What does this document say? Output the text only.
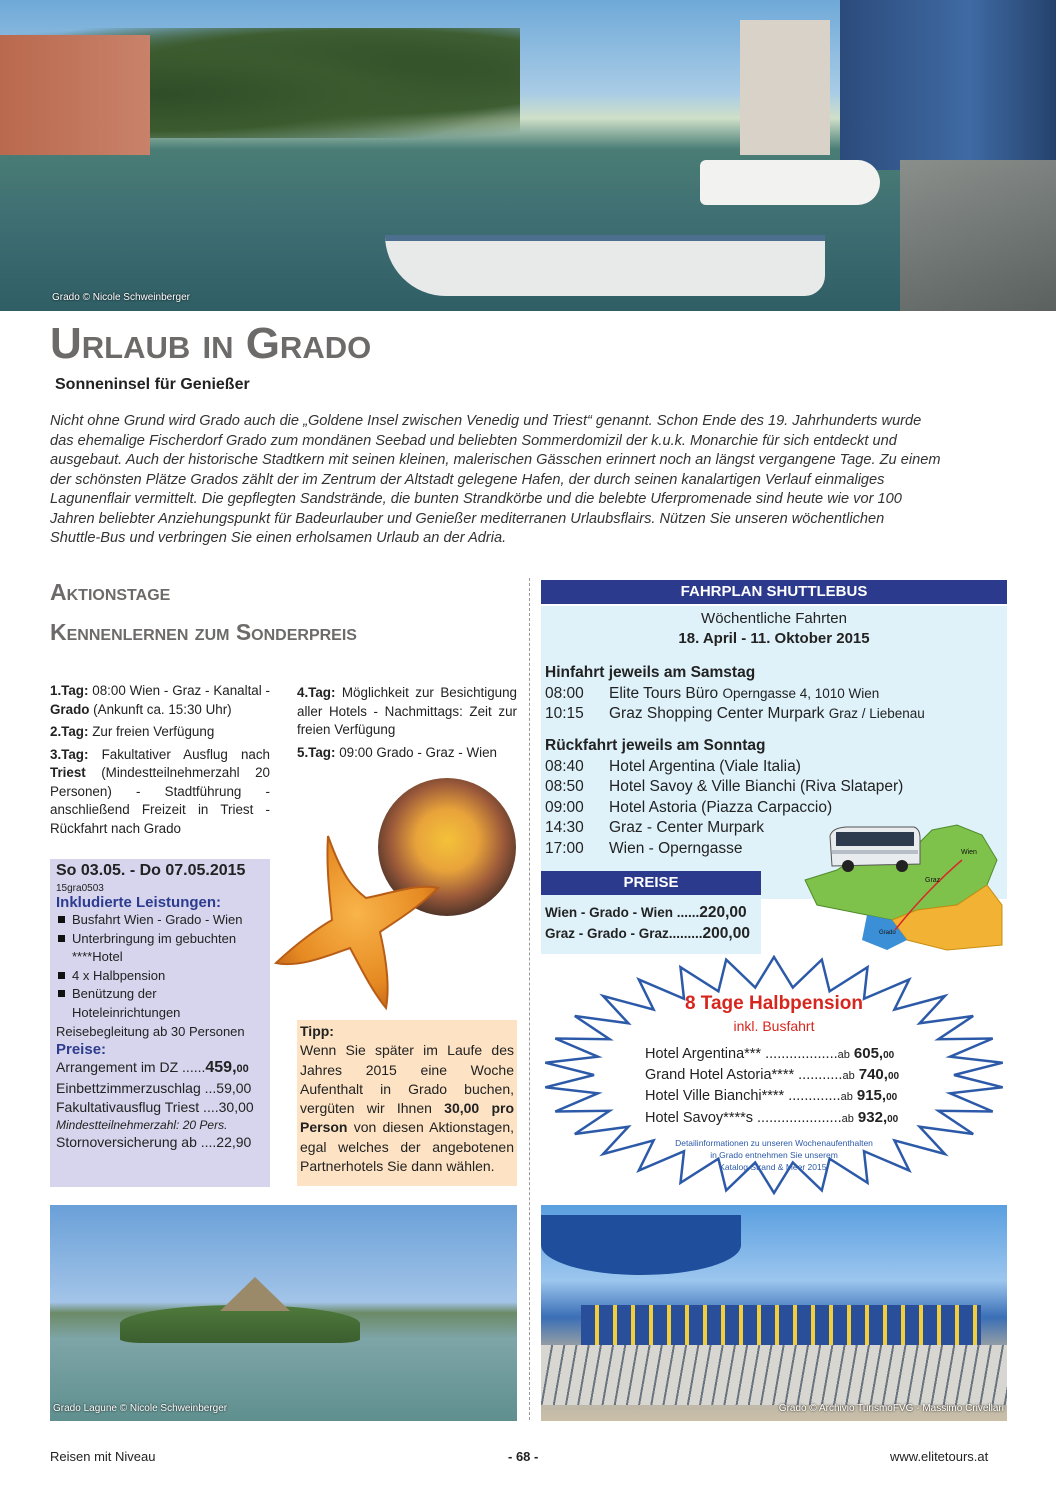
Grado © Nicole Schweinberger
Urlaub in Grado
Sonneninsel für Genießer
Nicht ohne Grund wird Grado auch die „Goldene Insel zwischen Venedig und Triest“ genannt. Schon Ende des 19. Jahrhunderts wurde
das ehemalige Fischerdorf Grado zum mondänen Seebad und beliebten Sommerdomizil der k.u.k. Monarchie für sich entdeckt und
ausgebaut. Auch der historische Stadtkern mit seinen kleinen, malerischen Gässchen erinnert noch an längst vergangene Tage. Zu einem
der schönsten Plätze Grados zählt der im Zentrum der Altstadt gelegene Hafen, der durch seinen kanalartigen Verlauf einmaliges
Lagunenflair vermittelt. Die gepflegten Sandstrände, die bunten Strandkörbe und die belebte Uferpromenade sind heute wie vor 100
Jahren beliebter Anziehungspunkt für Badeurlauber und Genießer mediterranen Urlaubsflairs. Nützen Sie unseren wöchentlichen
Shuttle-Bus und verbringen Sie einen erholsamen Urlaub an der Adria.
Aktionstage
Kennenlernen zum Sonderpreis
1.Tag: 08:00 Wien - Graz - Kanaltal - Grado (Ankunft ca. 15:30 Uhr)
2.Tag: Zur freien Verfügung
3.Tag: Fakultativer Ausflug nach Triest (Mindestteilnehmerzahl 20 Personen) - Stadtführung - anschließend Freizeit in Triest - Rückfahrt nach Grado
4.Tag: Möglichkeit zur Besichtigung aller Hotels - Nachmittags: Zeit zur freien Verfügung
5.Tag: 09:00 Grado - Graz - Wien
So 03.05. - Do 07.05.2015
15gra0503
Inkludierte Leistungen:
Busfahrt Wien - Grado - Wien
Unterbringung im gebuchten ****Hotel
4 x Halbpension
Benützung der Hoteleinrichtungen
Reisebegleitung ab 30 Personen
Preise:
Arrangement im DZ ......459,00
Einbettzimmerzuschlag ...59,00
Fakultativausflug Triest ....30,00
Mindestteilnehmerzahl: 20 Pers.
Stornoversicherung ab ....22,90
Tipp:
Wenn Sie später im Laufe des Jahres 2015 eine Woche Aufenthalt in Grado buchen, vergüten wir Ihnen 30,00 pro Person von diesen Aktionstagen, egal welches der angebotenen Partnerhotels Sie dann wählen.
FAHRPLAN SHUTTLEBUS
Wöchentliche Fahrten
18. April - 11. Oktober 2015
Hinfahrt jeweils am Samstag
08:00 Elite Tours Büro Operngasse 4, 1010 Wien
10:15 Graz Shopping Center Murpark Graz / Liebenau
Rückfahrt jeweils am Sonntag
08:40 Hotel Argentina (Viale Italia)
08:50 Hotel Savoy & Ville Bianchi (Riva Slataper)
09:00 Hotel Astoria (Piazza Carpaccio)
14:30 Graz - Center Murpark
17:00 Wien - Operngasse	Wien
Graz
Grado
PREISE
Wien - Grado - Wien ......220,00
Graz - Grado - Graz.........200,00
8 Tage Halbpension
inkl. Busfahrt
Hotel Argentina*** ..................ab 605,00
Grand Hotel Astoria**** ...........ab 740,00
Hotel Ville Bianchi**** .............ab 915,00
Hotel Savoy****s .....................ab 932,00
Detailinformationen zu unseren Wochenaufenthalten
in Grado entnehmen Sie unserem
Katalog Strand & Meer 2015!
Grado Lagune © Nicole Schweinberger	Grado © Archivio TurismoFVG - Massimo Crivellari
Reisen mit Niveau	- 68 -	www.elitetours.at
